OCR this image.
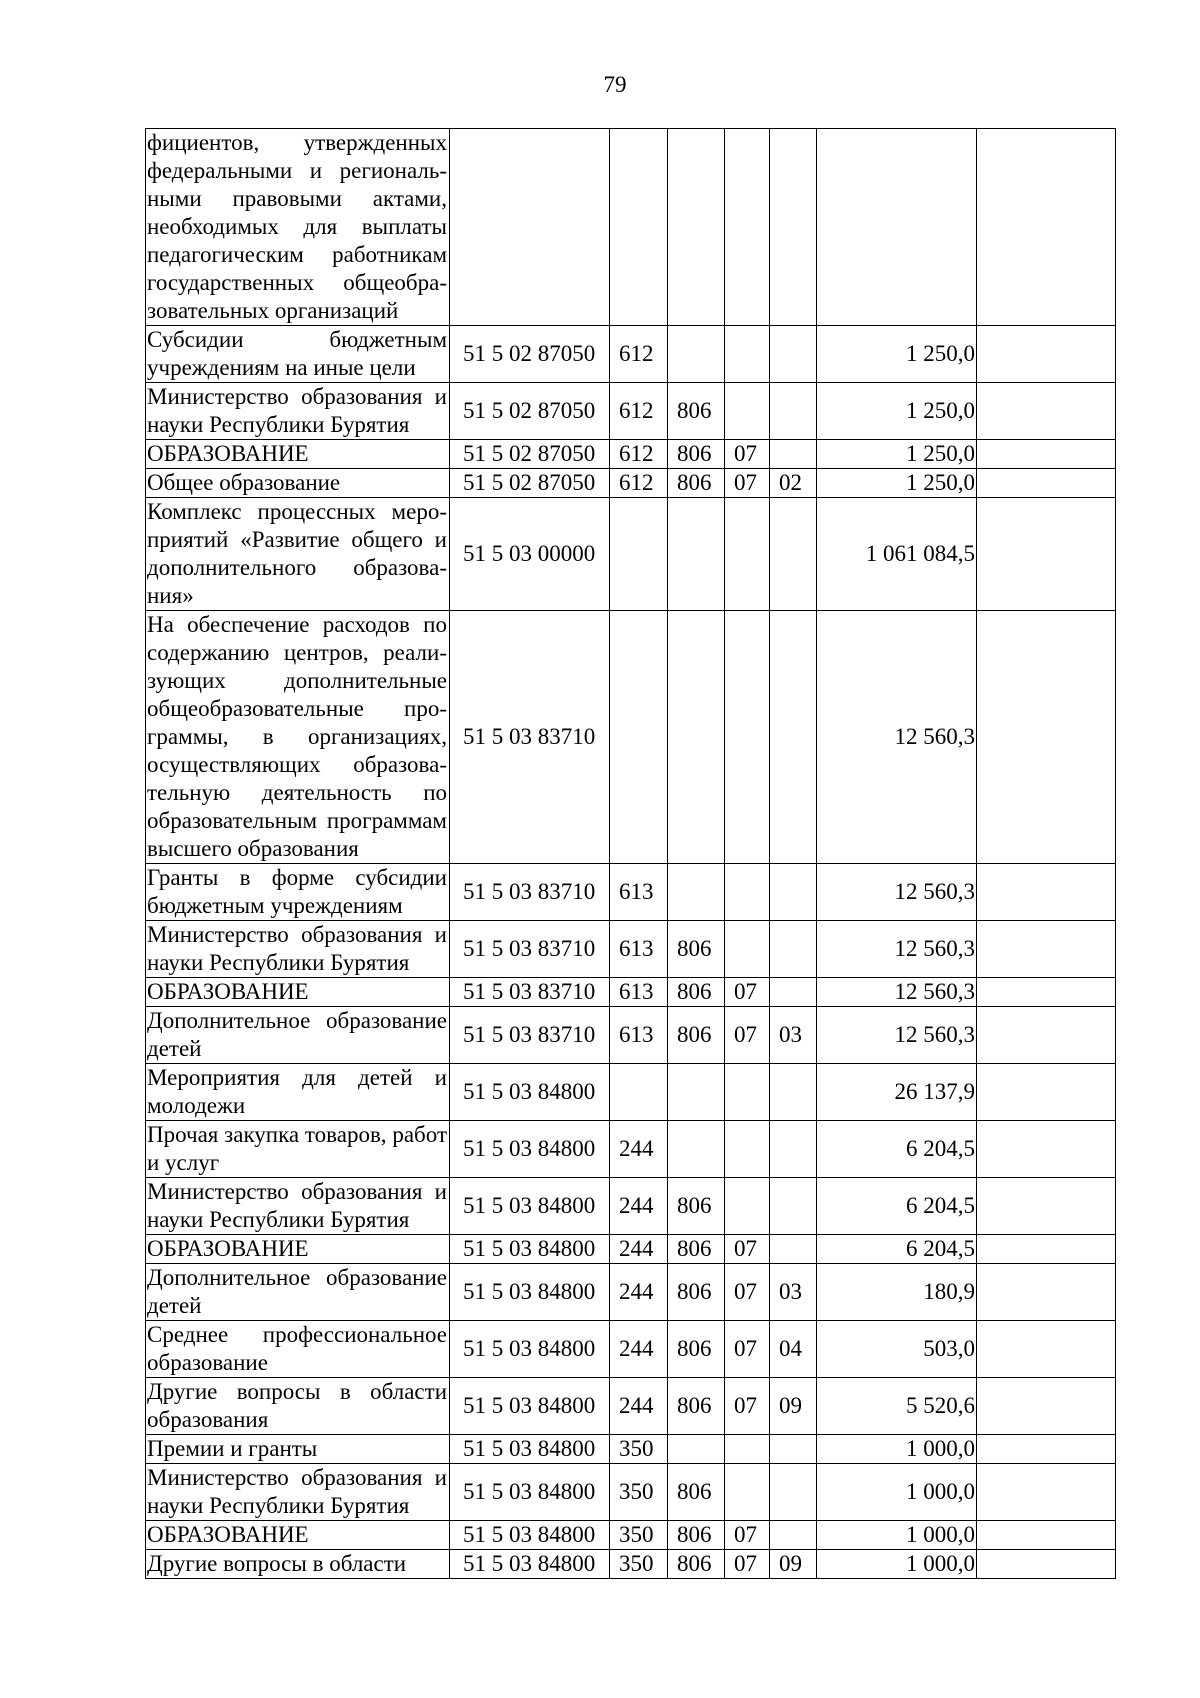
79
фициентов, утвержденных федеральными и региональными правовыми актами, необходимых для выплаты педагогическим работникам государственных общеобразовательных организаций							
Субсидии бюджетным учреждениям на иные цели	51 5 02 87050	612				1 250,0	
Министерство образования и науки Республики Бурятия	51 5 02 87050	612	806			1 250,0	
ОБРАЗОВАНИЕ	51 5 02 87050	612	806	07		1 250,0	
Общее образование	51 5 02 87050	612	806	07	02	1 250,0	
Комплекс процессных мероприятий «Развитие общего и дополнительного образования»	51 5 03 00000					1 061 084,5	
На обеспечение расходов по содержанию центров, реализующих дополнительные общеобразовательные программы, в организациях, осуществляющих образовательную деятельность по образовательным программам высшего образования	51 5 03 83710					12 560,3	
Гранты в форме субсидии бюджетным учреждениям	51 5 03 83710	613				12 560,3	
Министерство образования и науки Республики Бурятия	51 5 03 83710	613	806			12 560,3	
ОБРАЗОВАНИЕ	51 5 03 83710	613	806	07		12 560,3	
Дополнительное образование детей	51 5 03 83710	613	806	07	03	12 560,3	
Мероприятия для детей и молодежи	51 5 03 84800					26 137,9	
Прочая закупка товаров, работ и услуг	51 5 03 84800	244				6 204,5	
Министерство образования и науки Республики Бурятия	51 5 03 84800	244	806			6 204,5	
ОБРАЗОВАНИЕ	51 5 03 84800	244	806	07		6 204,5	
Дополнительное образование детей	51 5 03 84800	244	806	07	03	180,9	
Среднее профессиональное образование	51 5 03 84800	244	806	07	04	503,0	
Другие вопросы в области образования	51 5 03 84800	244	806	07	09	5 520,6	
Премии и гранты	51 5 03 84800	350				1 000,0	
Министерство образования и науки Республики Бурятия	51 5 03 84800	350	806			1 000,0	
ОБРАЗОВАНИЕ	51 5 03 84800	350	806	07		1 000,0	
Другие вопросы в области	51 5 03 84800	350	806	07	09	1 000,0	
